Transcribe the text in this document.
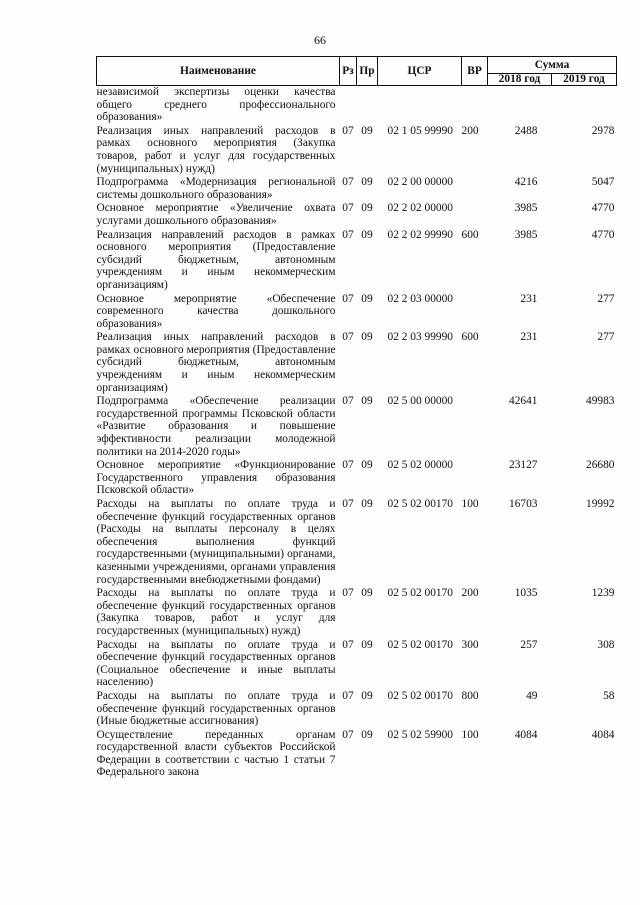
66
Наименование	Рз	Пр	ЦСР	ВР	Сумма	
					2018 год	2019 год
независимой экспертизы оценки качества общего среднего профессионального образования»						
Реализация иных направлений расходов в рамках основного мероприятия (Закупка товаров, работ и услуг для государственных (муниципальных) нужд)	07	09	02 1 05 99990	200	2488	2978
Подпрограмма «Модернизация региональной системы дошкольного образования»	07	09	02 2 00 00000		4216	5047
Основное мероприятие «Увеличение охвата услугами дошкольного образования»	07	09	02 2 02 00000		3985	4770
Реализация направлений расходов в рамках основного мероприятия (Предоставление субсидий бюджетным, автономным учреждениям и иным некоммерческим организациям)	07	09	02 2 02 99990	600	3985	4770
Основное мероприятие «Обеспечение современного качества дошкольного образования»	07	09	02 2 03 00000		231	277
Реализация иных направлений расходов в рамках основного мероприятия (Предоставление субсидий бюджетным, автономным учреждениям и иным некоммерческим организациям)	07	09	02 2 03 99990	600	231	277
Подпрограмма «Обеспечение реализации государственной программы Псковской области «Развитие образования и повышение эффективности реализации молодежной политики на 2014-2020 годы»	07	09	02 5 00 00000		42641	49983
Основное мероприятие «Функционирование Государственного управления образования Псковской области»	07	09	02 5 02 00000		23127	26680
Расходы на выплаты по оплате труда и обеспечение функций государственных органов (Расходы на выплаты персоналу в целях обеспечения выполнения функций государственными (муниципальными) органами, казенными учреждениями, органами управления государственными внебюджетными фондами)	07	09	02 5 02 00170	100	16703	19992
Расходы на выплаты по оплате труда и обеспечение функций государственных органов (Закупка товаров, работ и услуг для государственных (муниципальных) нужд)	07	09	02 5 02 00170	200	1035	1239
Расходы на выплаты по оплате труда и обеспечение функций государственных органов (Социальное обеспечение и иные выплаты населению)	07	09	02 5 02 00170	300	257	308
Расходы на выплаты по оплате труда и обеспечение функций государственных органов (Иные бюджетные ассигнования)	07	09	02 5 02 00170	800	49	58
Осуществление переданных органам государственной власти субъектов Российской Федерации в соответствии с частью 1 статьи 7 Федерального закона	07	09	02 5 02 59900	100	4084	4084
